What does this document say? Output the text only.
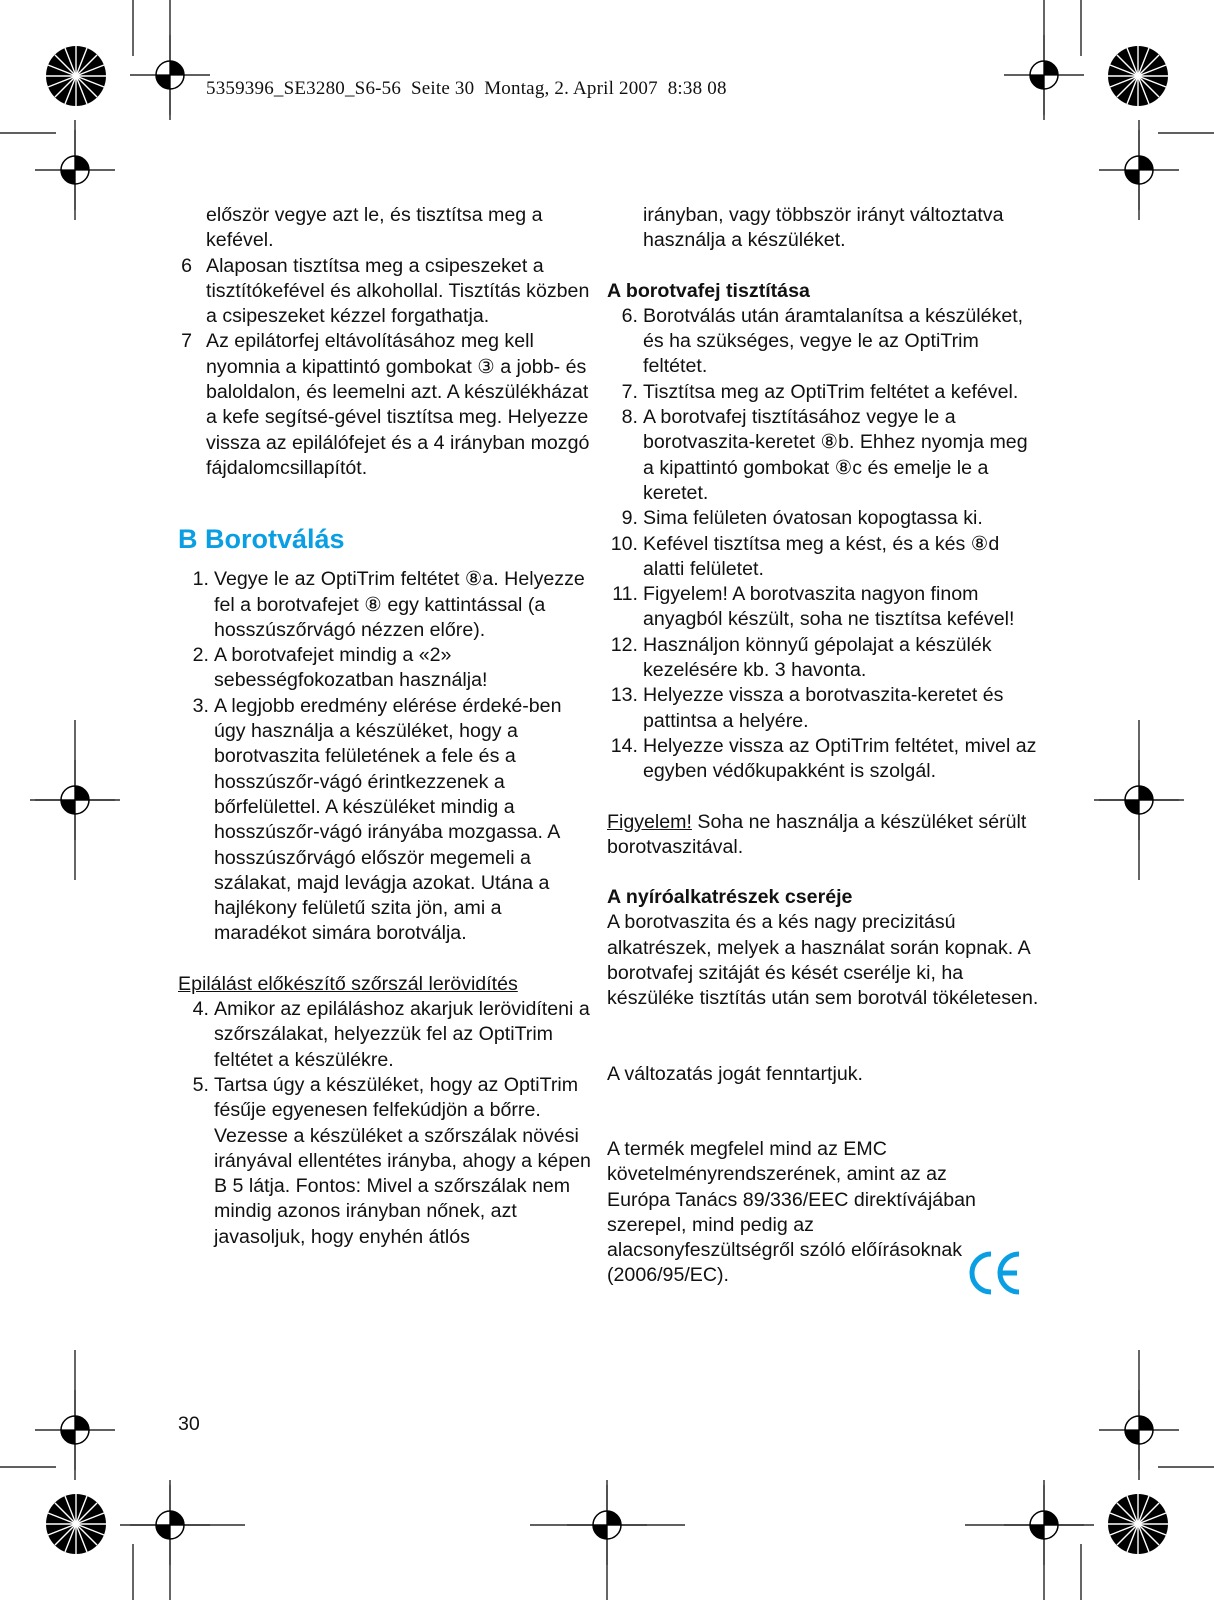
5359396_SE3280_S6-56  Seite 30  Montag, 2. April 2007  8:38 08

először vegye azt le, és tisztítsa meg a kefével.

6 Alaposan tisztítsa meg a csipeszeket a tisztítókefével és alkohollal. Tisztítás közben a csipeszeket kézzel forgathatja.
7 Az epilátorfej eltávolításához meg kell nyomnia a kipattintó gombokat ③ a jobb- és baloldalon, és leemelni azt. A készülékházat a kefe segítsé-gével tisztítsa meg. Helyezze vissza az epilálófejet és a 4 irányban mozgó fájdalomcsillapítót.
B Borotválás
1. Vegye le az OptiTrim feltétet ⑧a. Helyezze fel a borotvafejet ⑧ egy kattintással (a hosszúszőrvágó nézzen előre).
2. A borotvafejet mindig a «2» sebességfokozatban használja!
3. A legjobb eredmény elérése érdeké-ben úgy használja a készüléket, hogy a borotvaszita felületének a fele és a hosszúszőr-vágó érintkezzenek a bőrfelülettel. A készüléket mindig a hosszúszőr-vágó irányába mozgassa. A hosszúszőrvágó először megemeli a szálakat, majd levágja azokat. Utána a hajlékony felületű szita jön, ami a maradékot simára borotválja.

Epilálást előkészítő szőrszál lerövidítés

4. Amikor az epiláláshoz akarjuk lerövidíteni a szőrszálakat, helyezzük fel az OptiTrim feltétet a készülékre.
5. Tartsa úgy a készüléket, hogy az OptiTrim fésűje egyenesen felfekúdjön a bőrre. Vezesse a készüléket a szőrszálak növési irányával ellentétes irányba, ahogy a képen B 5 látja. Fontos: Mivel a szőrszálak nem mindig azonos irányban nőnek, azt javasoljuk, hogy enyhén átlós

irányban, vagy többször irányt változtatva használja a készüléket.

A borotvafej tisztítása

6. Borotválás után áramtalanítsa a készüléket, és ha szükséges, vegye le az OptiTrim feltétet.
7. Tisztítsa meg az OptiTrim feltétet a kefével.
8. A borotvafej tisztításához vegye le a borotvaszita-keretet ⑧b. Ehhez nyomja meg a kipattintó gombokat ⑧c és emelje le a keretet.
9. Sima felületen óvatosan kopogtassa ki.
10. Kefével tisztítsa meg a kést, és a kés ⑧d alatti felületet.
11. Figyelem! A borotvaszita nagyon finom anyagból készült, soha ne tisztítsa kefével!
12. Használjon könnyű gépolajat a készülék kezelésére kb. 3 havonta.
13. Helyezze vissza a borotvaszita-keretet és pattintsa a helyére.
14. Helyezze vissza az OptiTrim feltétet, mivel az egyben védőkupakként is szolgál.

Figyelem! Soha ne használja a készüléket sérült borotvaszitával.

A nyíróalkatrészek cseréje

A borotvaszita és a kés nagy precizitású alkatrészek, melyek a használat során kopnak. A borotvafej szitáját és kését cserélje ki, ha készüléke tisztítás után sem borotvál tökéletesen.

A változatás jogát fenntartjuk.

A termék megfelel mind az EMC követelményrendszerének, amint az az Európa Tanács 89/336/EEC direktívájában szerepel, mind pedig az alacsonyfeszültségről szóló előírásoknak (2006/95/EC).

30
